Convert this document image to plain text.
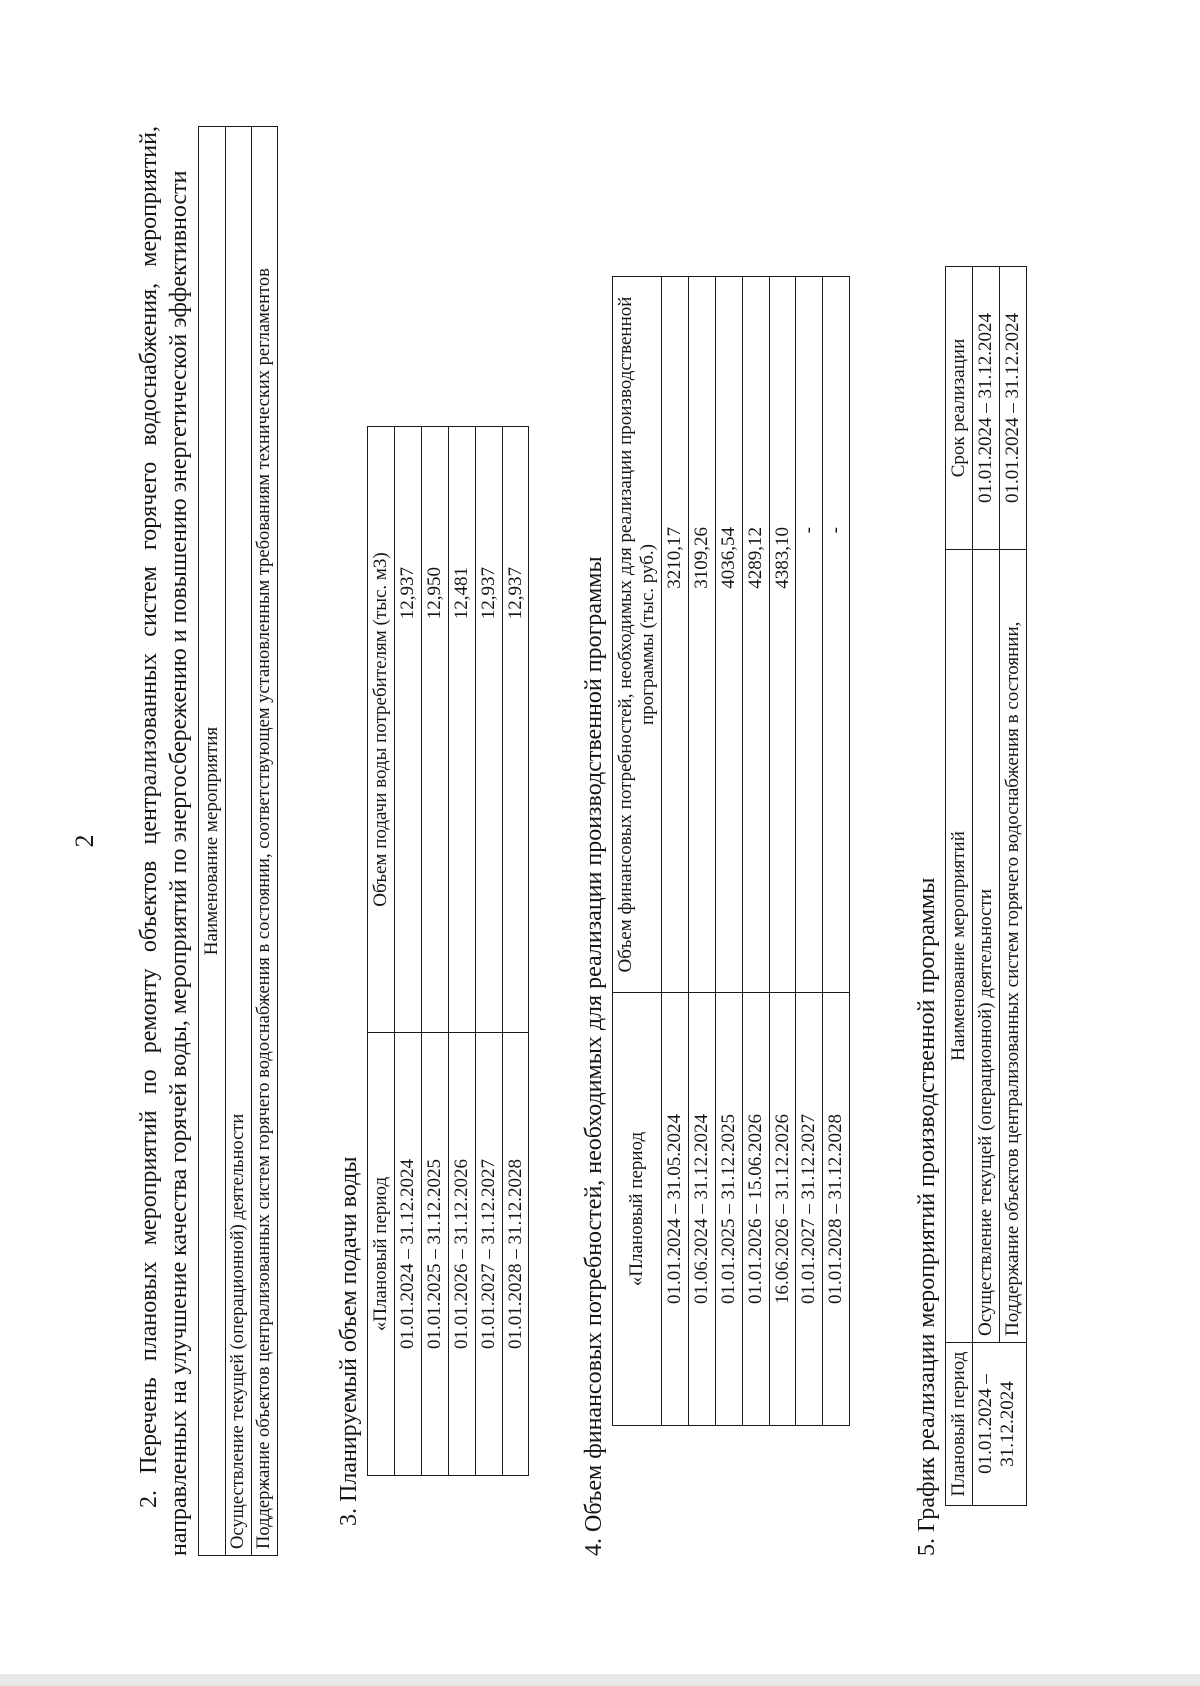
2 2. Перечень плановых мероприятий по ремонту объектов централизованных систем горячего водоснабжения, мероприятий, направленных на улучшение качества горячей воды, мероприятий по энергосбережению и повышению энергетической эффективности Наименование мероприятия
Осуществление текущей (операционной) деятельности
Поддержание объектов централизованных систем горячего водоснабжения в состоянии, соответствующем установленным требованиям технических регламентов	3. Планируемый объем подачи воды «Плановый период	Объем подачи воды потребителям (тыс. м3)
01.01.2024 – 31.12.2024	12,937
01.01.2025 – 31.12.2025	12,950
01.01.2026 – 31.12.2026	12,481
01.01.2027 – 31.12.2027	12,937
01.01.2028 – 31.12.2028	12,937 4. Объем финансовых потребностей, необходимых для реализации производственной программы «Плановый период	Объем финансовых потребностей, необходимых для реализации производственной программы (тыс. руб.)
01.01.2024 – 31.05.2024	3210,17
01.06.2024 – 31.12.2024	3109,26
01.01.2025 – 31.12.2025	4036,54
01.01.2026 – 15.06.2026	4289,12
16.06.2026 – 31.12.2026	4383,10
01.01.2027 – 31.12.2027	-
01.01.2028 – 31.12.2028	-
5. График реализации мероприятий производственной программы Плановый период	Наименование мероприятий	Срок реализации
01.01.2024 – 31.12.2024	Осуществление текущей (операционной) деятельности	01.01.2024 – 31.12.2024
	Поддержание объектов централизованных систем горячего водоснабжения в состоянии,	01.01.2024 – 31.12.2024
